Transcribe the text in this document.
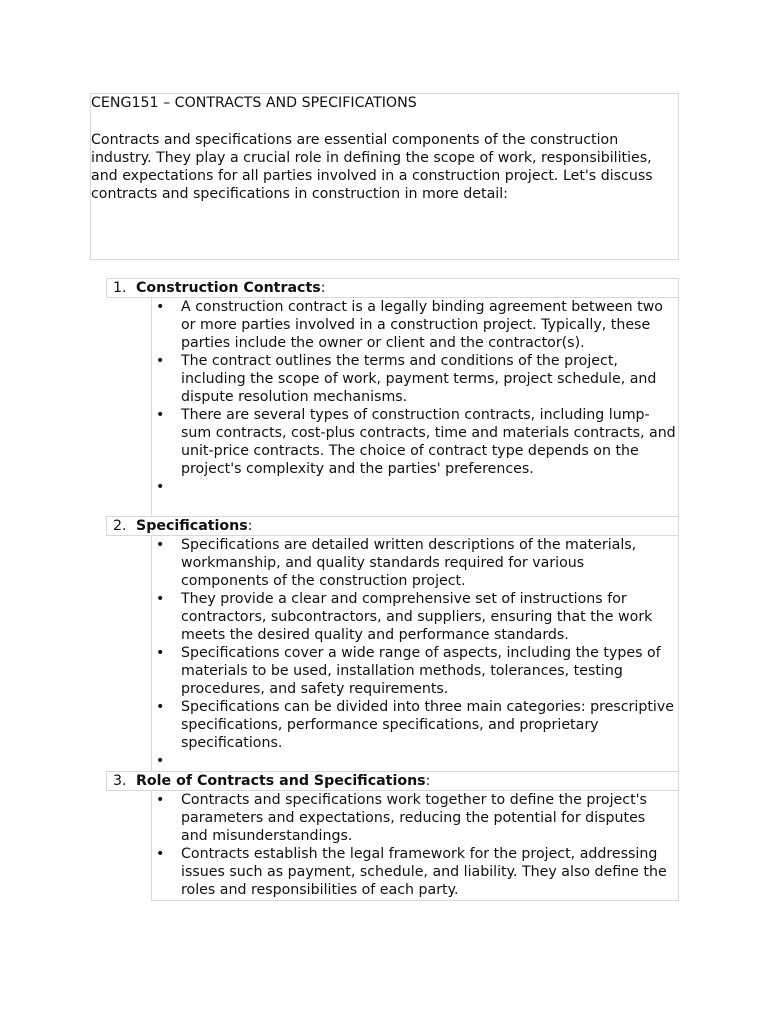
CENG151 – CONTRACTS AND SPECIFICATIONS
Contracts and specifications are essential components of the construction industry. They play a crucial role in defining the scope of work, responsibilities, and expectations for all parties involved in a construction project. Let's discuss contracts and specifications in construction in more detail:
1. Construction Contracts:
• A construction contract is a legally binding agreement between two or more parties involved in a construction project. Typically, these parties include the owner or client and the contractor(s).
• The contract outlines the terms and conditions of the project, including the scope of work, payment terms, project schedule, and dispute resolution mechanisms.
• There are several types of construction contracts, including lump-sum contracts, cost-plus contracts, time and materials contracts, and unit-price contracts. The choice of contract type depends on the project's complexity and the parties' preferences.
•

2. Specifications:
• Specifications are detailed written descriptions of the materials, workmanship, and quality standards required for various components of the construction project.
• They provide a clear and comprehensive set of instructions for contractors, subcontractors, and suppliers, ensuring that the work meets the desired quality and performance standards.
• Specifications cover a wide range of aspects, including the types of materials to be used, installation methods, tolerances, testing procedures, and safety requirements.
• Specifications can be divided into three main categories: prescriptive specifications, performance specifications, and proprietary specifications.
•

3. Role of Contracts and Specifications:
• Contracts and specifications work together to define the project's parameters and expectations, reducing the potential for disputes and misunderstandings.
• Contracts establish the legal framework for the project, addressing issues such as payment, schedule, and liability. They also define the roles and responsibilities of each party.
